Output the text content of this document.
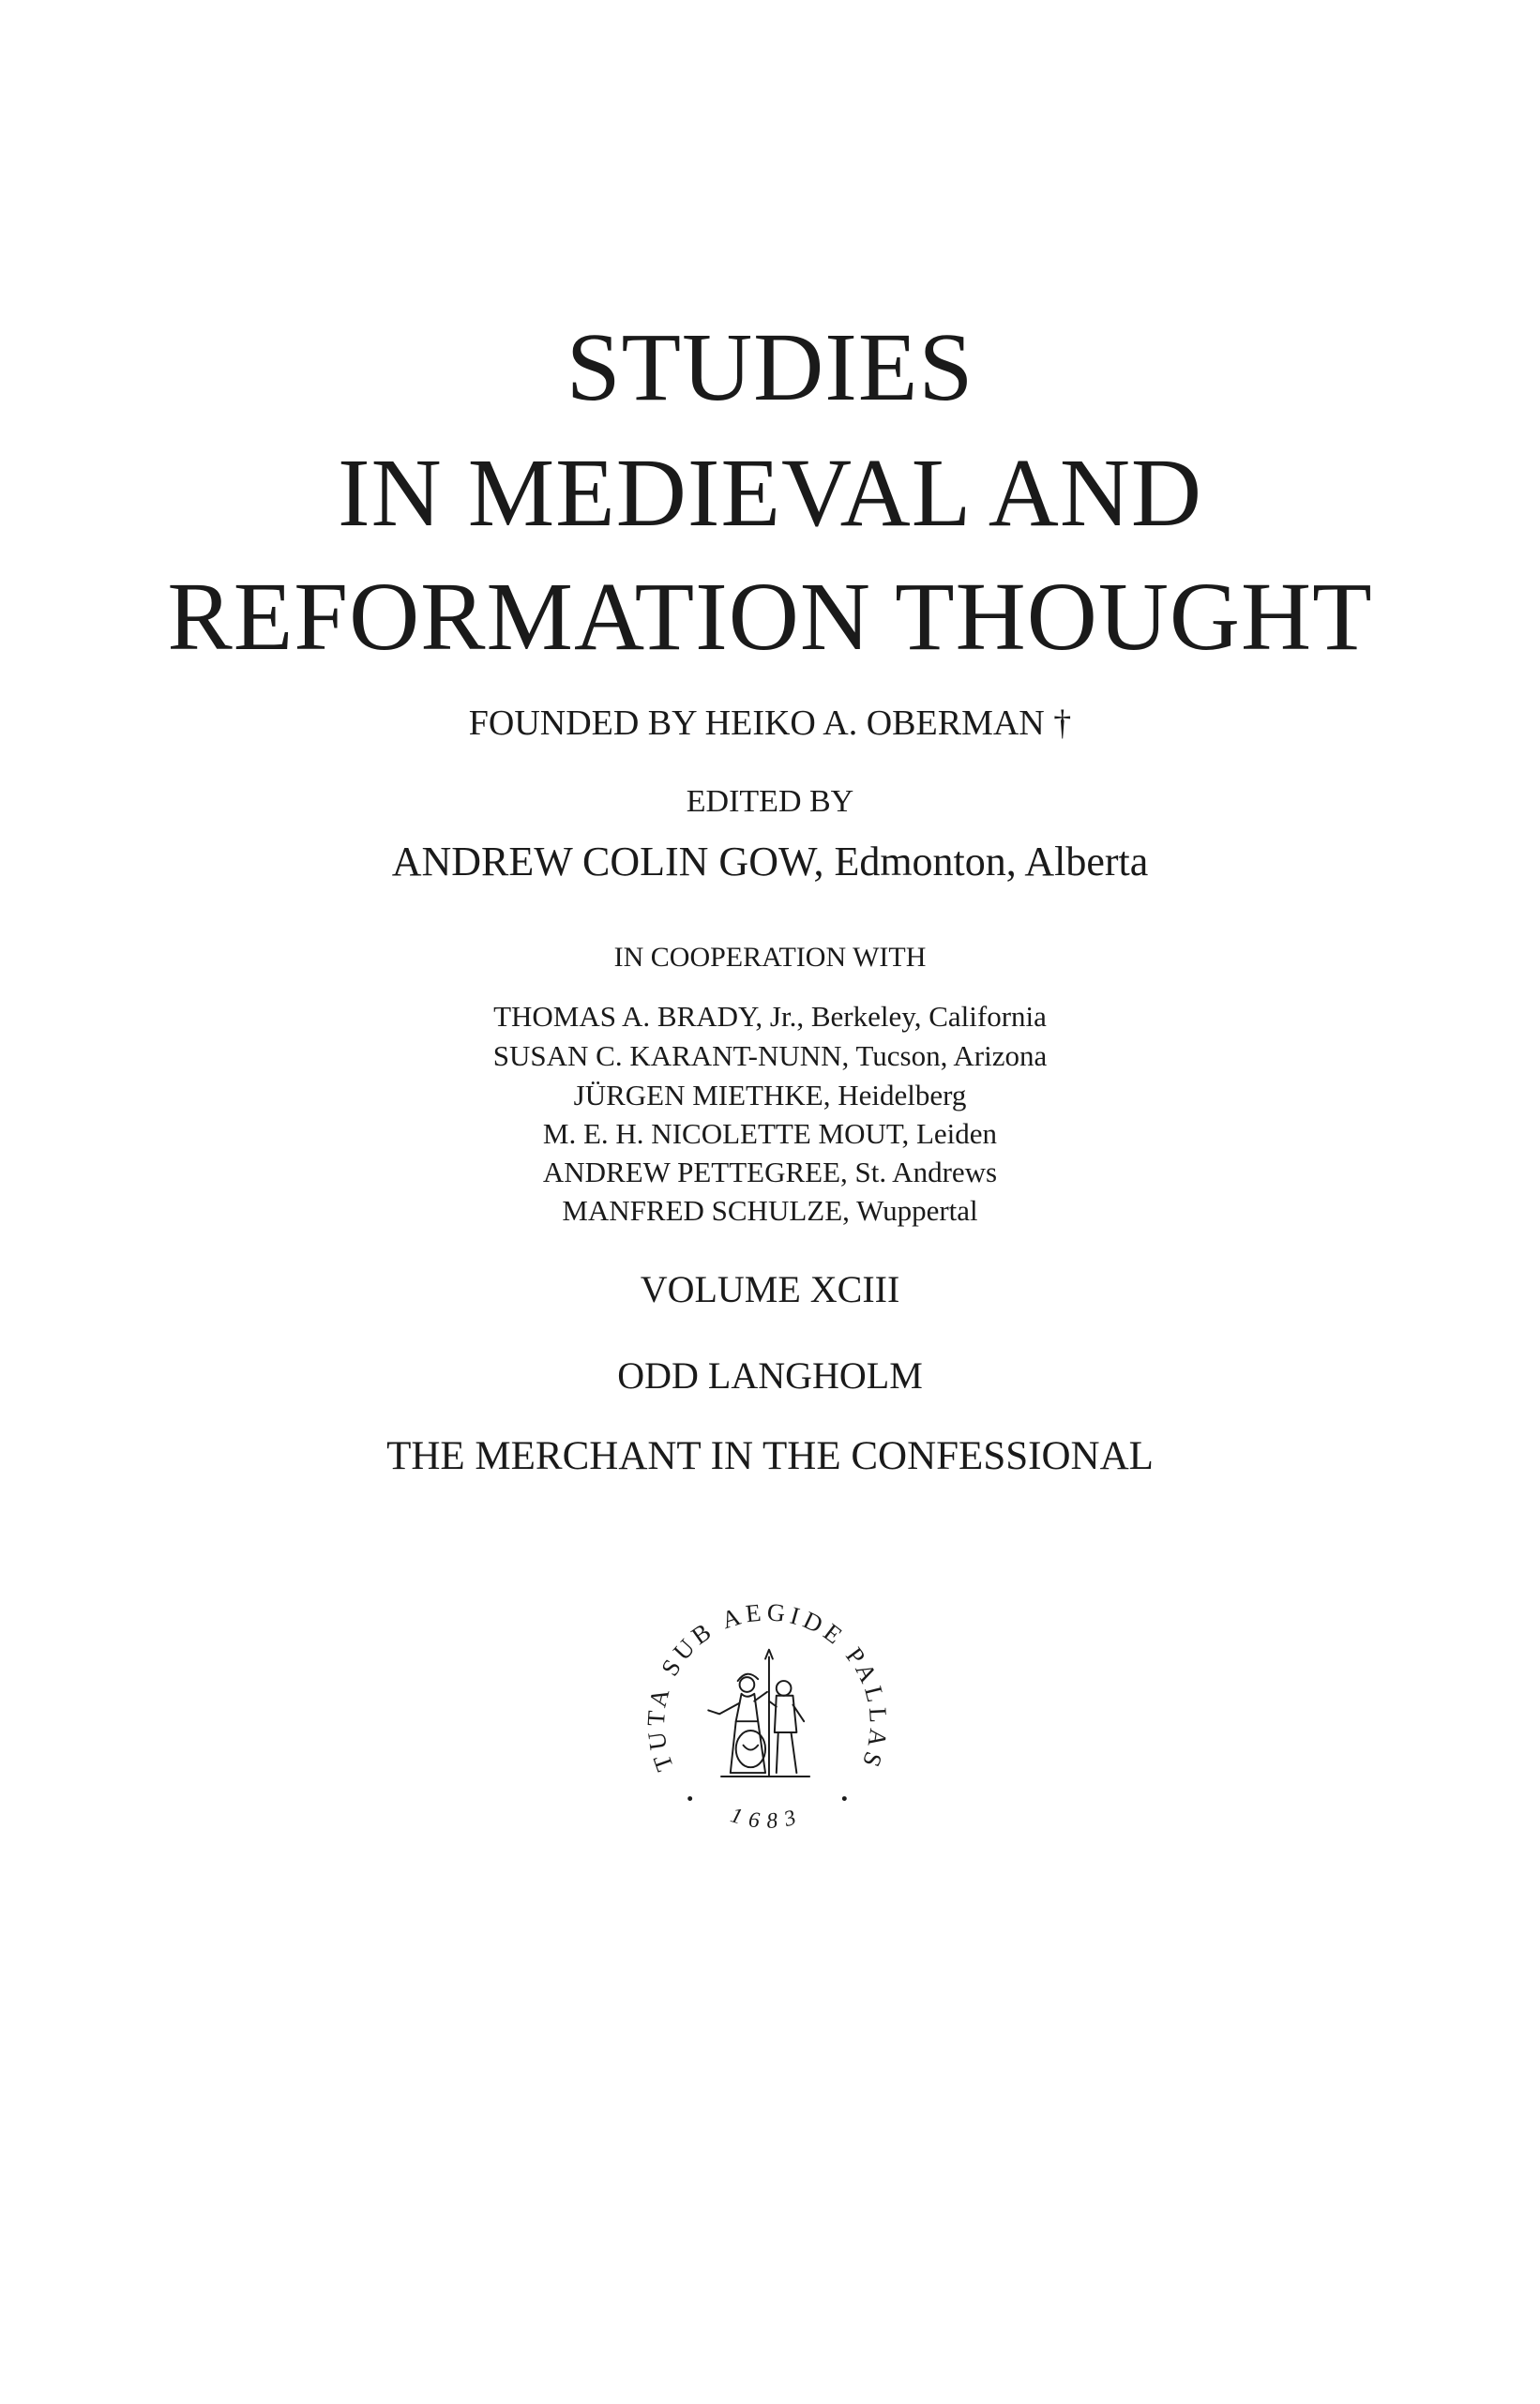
STUDIES
IN MEDIEVAL AND
REFORMATION THOUGHT
FOUNDED BY HEIKO A. OBERMAN †
EDITED BY
ANDREW COLIN GOW, Edmonton, Alberta
IN COOPERATION WITH
THOMAS A. BRADY, Jr., Berkeley, California
SUSAN C. KARANT-NUNN, Tucson, Arizona
JÜRGEN MIETHKE, Heidelberg
M. E. H. NICOLETTE MOUT, Leiden
ANDREW PETTEGREE, St. Andrews
MANFRED SCHULZE, Wuppertal
VOLUME XCIII
ODD LANGHOLM
THE MERCHANT IN THE CONFESSIONAL
TUTA SUB AEGIDE PALLAS
1683
